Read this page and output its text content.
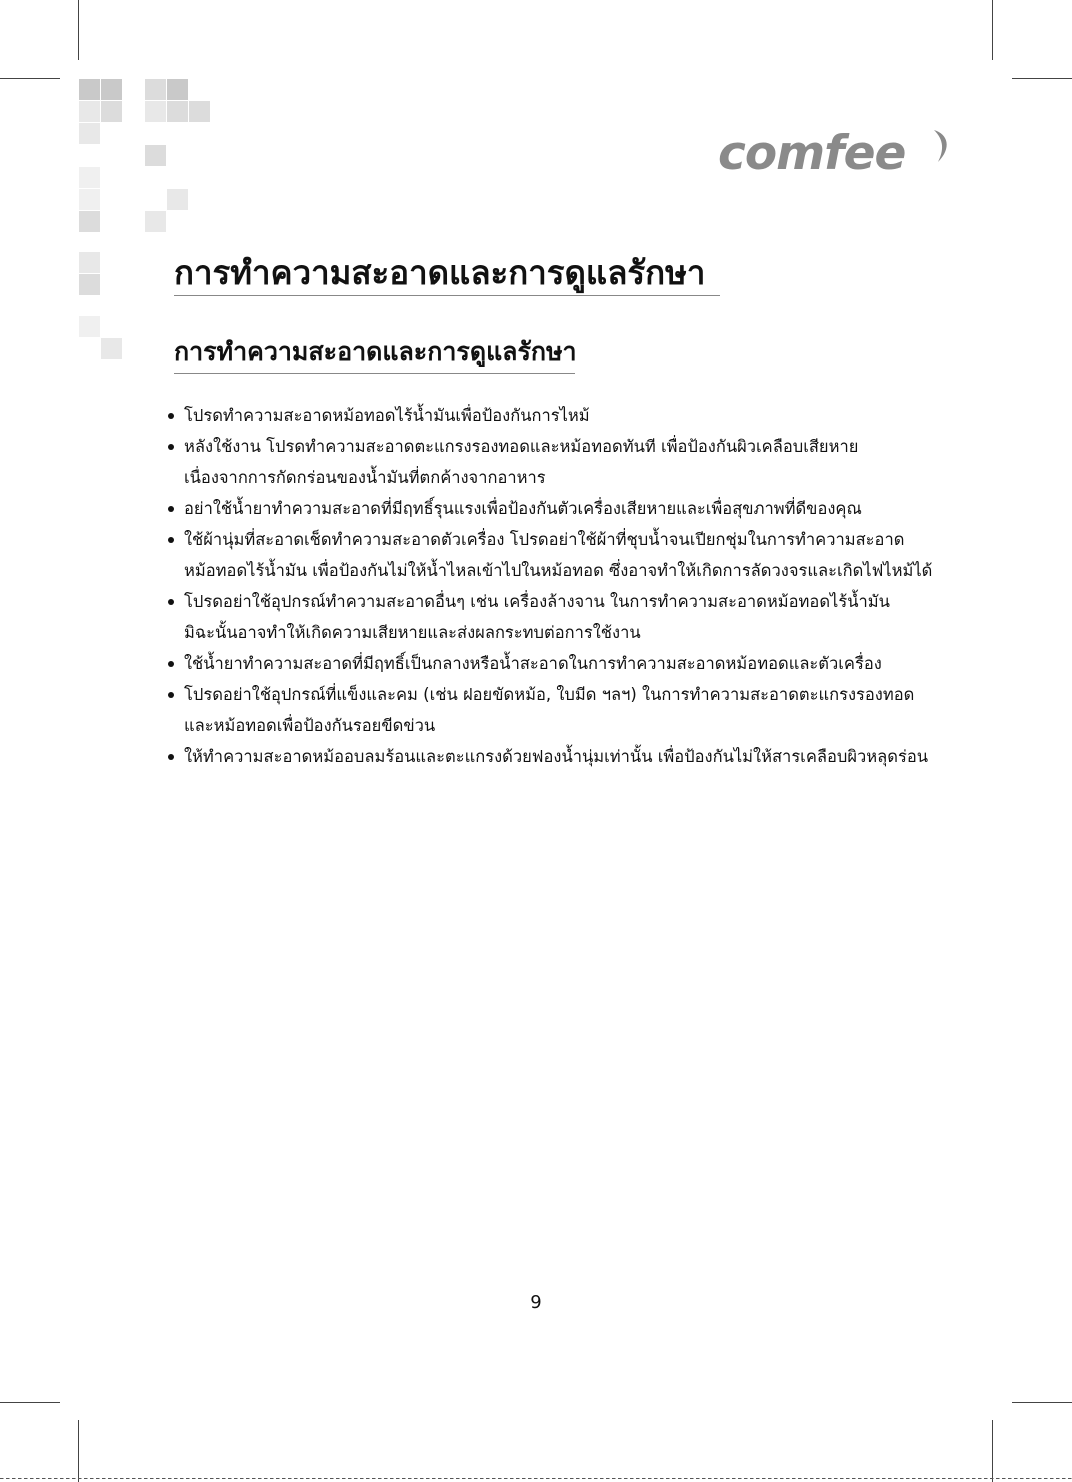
comfee
การทำความสะอาดและการดูแลรักษา
การทำความสะอาดและการดูแลรักษา
โปรดทำความสะอาดหม้อทอดไร้น้ำมันเพื่อป้องกันการไหม้
หลังใช้งาน โปรดทำความสะอาดตะแกรงรองทอดและหม้อทอดทันที เพื่อป้องกันผิวเคลือบเสียหาย
เนื่องจากการกัดกร่อนของน้ำมันที่ตกค้างจากอาหาร
อย่าใช้น้ำยาทำความสะอาดที่มีฤทธิ์รุนแรงเพื่อป้องกันตัวเครื่องเสียหายและเพื่อสุขภาพที่ดีของคุณ
ใช้ผ้านุ่มที่สะอาดเช็ดทำความสะอาดตัวเครื่อง โปรดอย่าใช้ผ้าที่ชุบน้ำจนเปียกชุ่มในการทำความสะอาด
หม้อทอดไร้น้ำมัน เพื่อป้องกันไม่ให้น้ำไหลเข้าไปในหม้อทอด ซึ่งอาจทำให้เกิดการลัดวงจรและเกิดไฟไหม้ได้
โปรดอย่าใช้อุปกรณ์ทำความสะอาดอื่นๆ เช่น เครื่องล้างจาน ในการทำความสะอาดหม้อทอดไร้น้ำมัน
มิฉะนั้นอาจทำให้เกิดความเสียหายและส่งผลกระทบต่อการใช้งาน
ใช้น้ำยาทำความสะอาดที่มีฤทธิ์เป็นกลางหรือน้ำสะอาดในการทำความสะอาดหม้อทอดและตัวเครื่อง
โปรดอย่าใช้อุปกรณ์ที่แข็งและคม (เช่น ฝอยขัดหม้อ, ใบมีด ฯลฯ) ในการทำความสะอาดตะแกรงรองทอด
และหม้อทอดเพื่อป้องกันรอยขีดข่วน
ให้ทำความสะอาดหม้ออบลมร้อนและตะแกรงด้วยฟองน้ำนุ่มเท่านั้น เพื่อป้องกันไม่ให้สารเคลือบผิวหลุดร่อน
9
